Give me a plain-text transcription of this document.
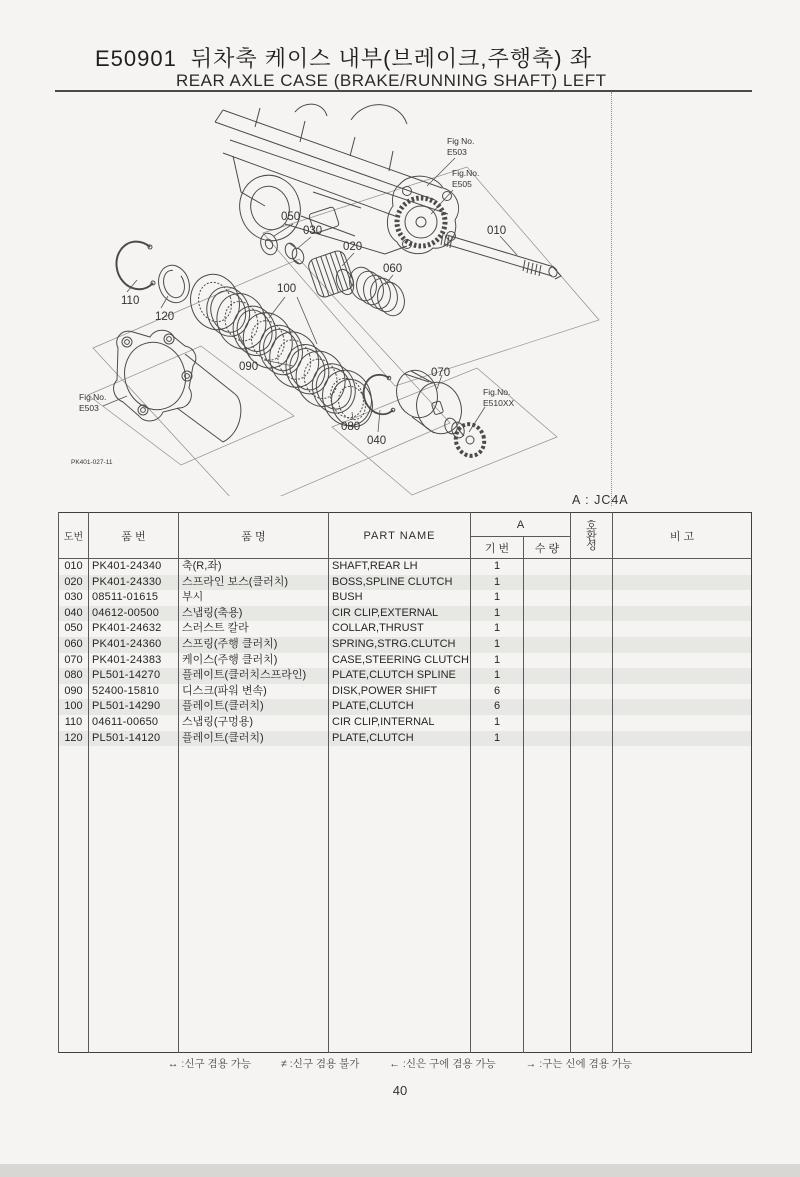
E50901 뒤차축 케이스 내부(브레이크,주행축) 좌
REAR AXLE CASE (BRAKE/RUNNING SHAFT) LEFT
010
020
030
040
050
060
070
080
090
100
110
120
Fig No.
E503
Fig.No.
E505
Fig.No.
E510XX
Fig.No.
E503
PK401-027-11
A : JC4A
도번	품 번	품 명	PART NAME	A		호
환
성	비 고
				기 번	수 량		
010	PK401-24340	축(R,좌)	SHAFT,REAR LH	1			
020	PK401-24330	스프라인 보스(클러치)	BOSS,SPLINE CLUTCH	1			
030	08511-01615	부시	BUSH	1			
040	04612-00500	스냅링(축용)	CIR CLIP,EXTERNAL	1			
050	PK401-24632	스러스트 칼라	COLLAR,THRUST	1			
060	PK401-24360	스프링(주행 클러치)	SPRING,STRG.CLUTCH	1			
070	PK401-24383	케이스(주행 클러치)	CASE,STEERING CLUTCH	1			
080	PL501-14270	플레이트(클러치스프라인)	PLATE,CLUTCH SPLINE	1			
090	52400-15810	디스크(파워 변속)	DISK,POWER SHIFT	6			
100	PL501-14290	플레이트(클러치)	PLATE,CLUTCH	6			
110	04611-00650	스냅링(구멍용)	CIR CLIP,INTERNAL	1			
120	PL501-14120	플레이트(클러치)	PLATE,CLUTCH	1			

↔ :신구 겸용 가능	≠ :신구 겸용 불가	← :신은 구에 겸용 가능	→ :구는 신에 겸용 가능
40
